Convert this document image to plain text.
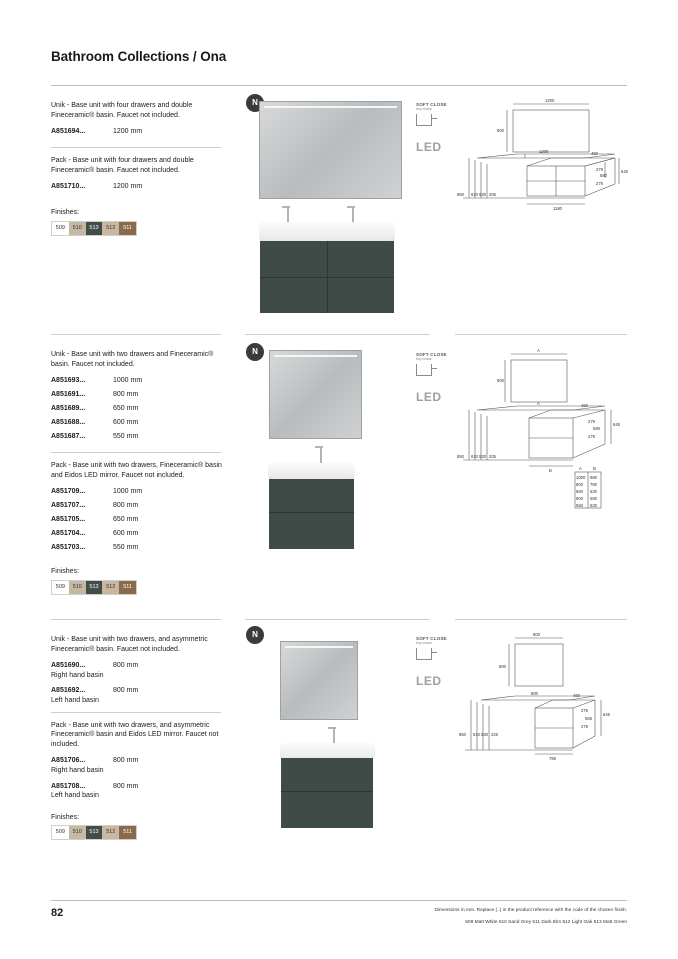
Bathroom Collections / Ona
Unik - Base unit with four drawers and double Fineceramic® basin. Faucet not included.
A851694...	1200 mm
Pack - Base unit with four drawers and double Fineceramic® basin. Faucet not included.
A851710...	1200 mm
Finishes:
509	510	513	512	511
N	SOFT CLOSE
tiny chase
LED
1200
800
1200	460
279
580
645
279
1180
850 610 530 205
Unik - Base unit with two drawers and Fineceramic® basin. Faucet not included.
A851693...	1000 mm
A851691...	800 mm
A851689...	650 mm
A851688...	600 mm
A851687...	550 mm
Pack - Base unit with two drawers, Fineceramic® basin and Eidos LED mirror. Faucet not included.
A851709...	1000 mm
A851707...	800 mm
A851705...	650 mm
A851704...	600 mm
A851703...	550 mm
Finishes:
509	510	513	512	511
N	SOFT CLOSE
tiny chase
LED
A
800
A	460
279
580
645
279
B
850 610 530 205
A	B
1000 980
800 780
650 630
600 580
550 530
Unik - Base unit with two drawers, and asymmetric Fineceramic® basin. Faucet not included.
A851690...	800 mm
Right hand basin
A851692...	800 mm
Left hand basin
Pack - Base unit with two drawers, and asymmetric Fineceramic® basin and Eidos LED mirror. Faucet not included.
A851706...	800 mm
Right hand basin
A851708...	800 mm
Left hand basin
Finishes:
509	510	513	512	511
N	SOFT CLOSE
tiny chase
LED
800
800
800	460
279
565
645
279
785
850 610 530 225
82	Dimensions in mm. Replace (..) in the product reference with the code of the chosen finish.
509 Matt White 510 Sand Grey 511 Dark Elm 512 Light Oak 513 Matt Green
